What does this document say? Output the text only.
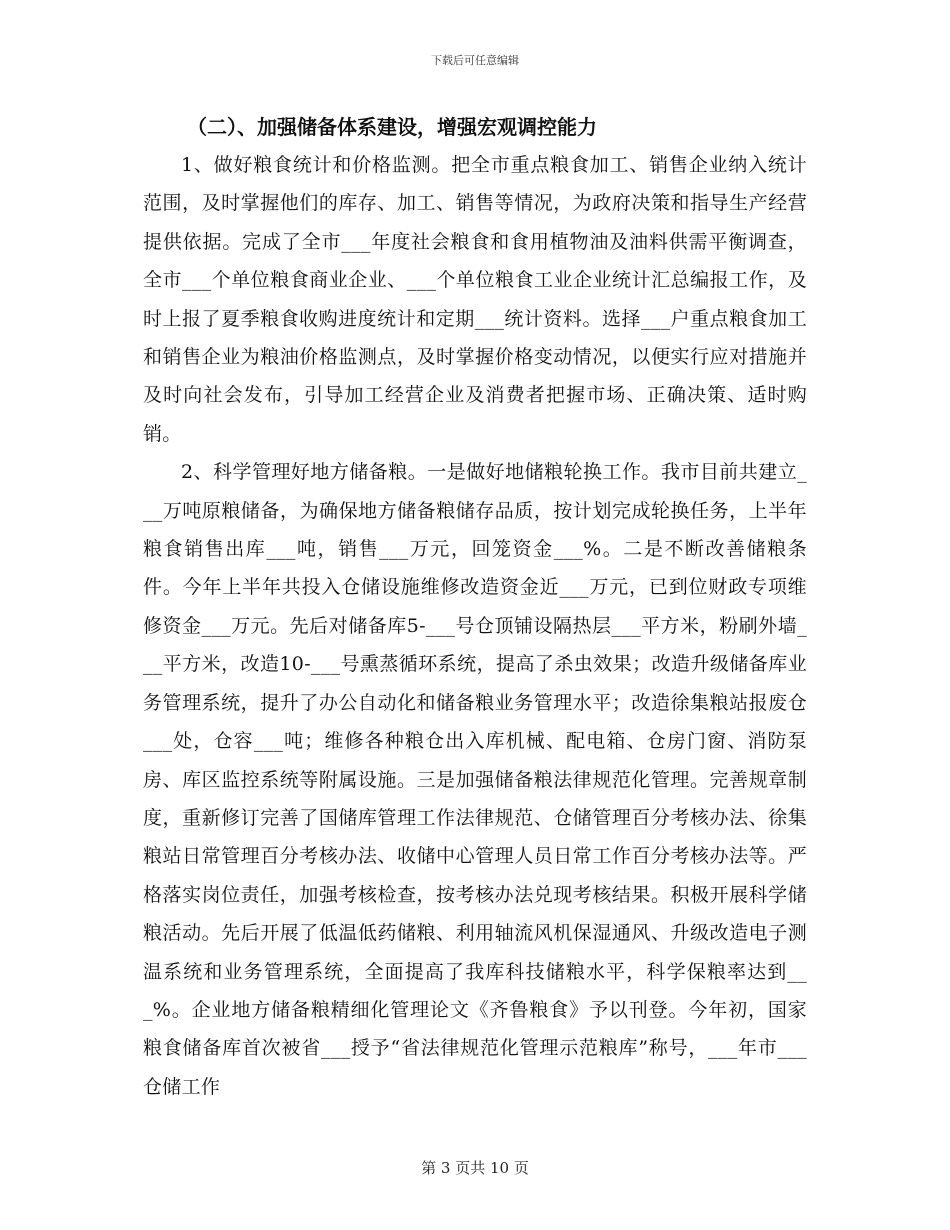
下载后可任意编辑
（二）、加强储备体系建设，增强宏观调控能力

1、做好粮食统计和价格监测。把全市重点粮食加工、销售企业纳入统计范围，及时掌握他们的库存、加工、销售等情况，为政府决策和指导生产经营提供依据。完成了全市___年度社会粮食和食用植物油及油料供需平衡调查，全市___个单位粮食商业企业、___个单位粮食工业企业统计汇总编报工作，及时上报了夏季粮食收购进度统计和定期___统计资料。选择___户重点粮食加工和销售企业为粮油价格监测点，及时掌握价格变动情况，以便实行应对措施并及时向社会发布，引导加工经营企业及消费者把握市场、正确决策、适时购销。

2、科学管理好地方储备粮。一是做好地储粮轮换工作。我市目前共建立___万吨原粮储备，为确保地方储备粮储存品质，按计划完成轮换任务，上半年粮食销售出库___吨，销售___万元，回笼资金___%。二是不断改善储粮条件。今年上半年共投入仓储设施维修改造资金近___万元，已到位财政专项维修资金___万元。先后对储备库5-___号仓顶铺设隔热层___平方米，粉刷外墙___平方米，改造10-___号熏蒸循环系统，提高了杀虫效果；改造升级储备库业务管理系统，提升了办公自动化和储备粮业务管理水平；改造徐集粮站报废仓___处，仓容___吨；维修各种粮仓出入库机械、配电箱、仓房门窗、消防泵房、库区监控系统等附属设施。三是加强储备粮法律规范化管理。完善规章制度，重新修订完善了国储库管理工作法律规范、仓储管理百分考核办法、徐集粮站日常管理百分考核办法、收储中心管理人员日常工作百分考核办法等。严格落实岗位责任，加强考核检查，按考核办法兑现考核结果。积极开展科学储粮活动。先后开展了低温低药储粮、利用轴流风机保湿通风、升级改造电子测温系统和业务管理系统，全面提高了我库科技储粮水平，科学保粮率达到___%。企业地方储备粮精细化管理论文《齐鲁粮食》予以刊登。今年初，国家粮食储备库首次被省___授予“省法律规范化管理示范粮库”称号，___年市___仓储工作

第 3 页共 10 页
